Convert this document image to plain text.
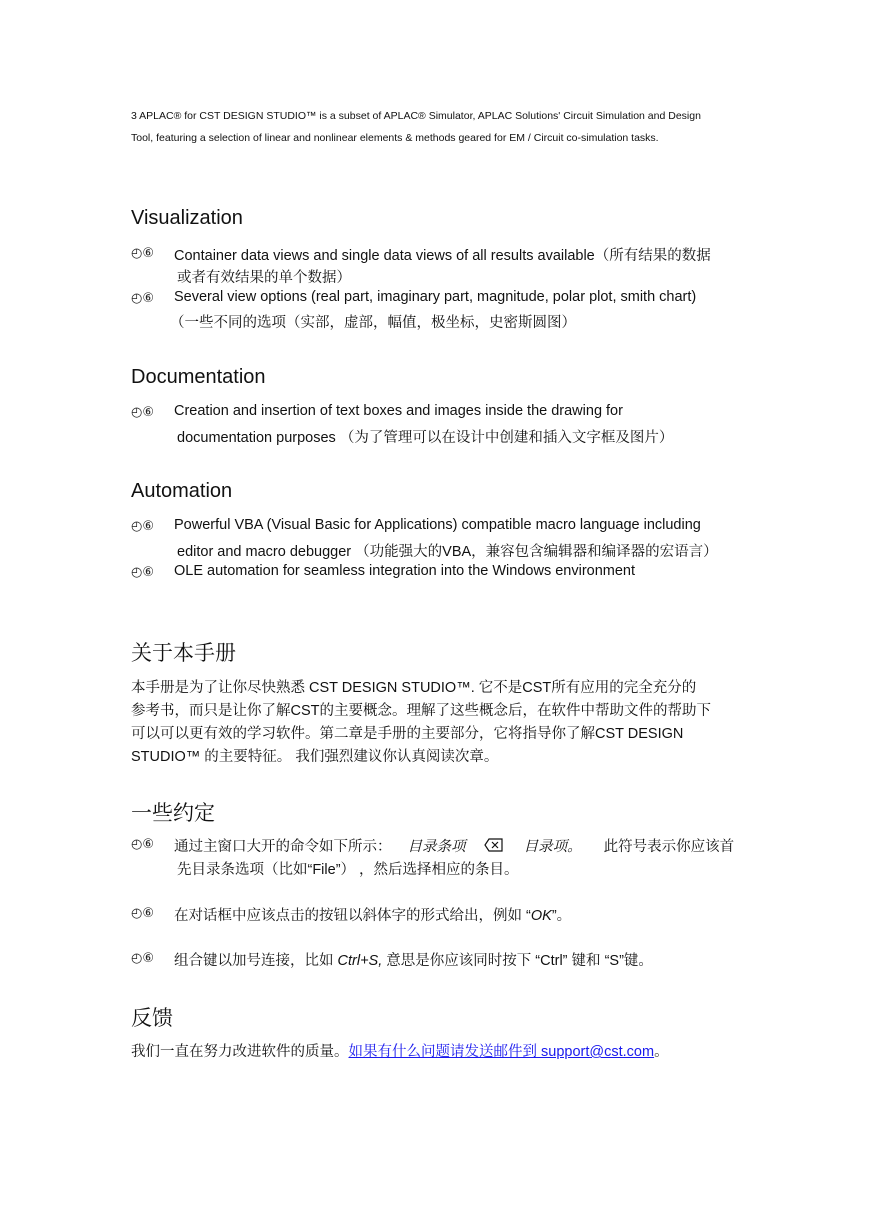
3 APLAC® for CST DESIGN STUDIO™ is a subset of APLAC® Simulator, APLAC Solutions' Circuit Simulation and Design
Tool, featuring a selection of linear and nonlinear elements & methods geared for EM / Circuit co-simulation tasks.
Visualization
◴⑥ Container data views and single data views of all results available（所有结果的数据
或者有效结果的单个数据）
◴⑥ Several view options (real part, imaginary part, magnitude, polar plot, smith chart)
（一些不同的选项（实部，虚部，幅值，极坐标，史密斯圆图）
Documentation
◴⑥ Creation and insertion of text boxes and images inside the drawing for
documentation purposes （为了管理可以在设计中创建和插入文字框及图片）
Automation
◴⑥ Powerful VBA (Visual Basic for Applications) compatible macro language including
editor and macro debugger （功能强大的VBA，兼容包含编辑器和编译器的宏语言）
◴⑥ OLE automation for seamless integration into the Windows environment
关于本手册
本手册是为了让你尽快熟悉 CST DESIGN STUDIO™. 它不是CST所有应用的完全充分的
参考书，而只是让你了解CST的主要概念。理解了这些概念后，在软件中帮助文件的帮助下
可以可以更有效的学习软件。第二章是手册的主要部分，它将指导你了解CST DESIGN
STUDIO™ 的主要特征。 我们强烈建议你认真阅读次章。
一些约定
◴⑥ 通过主窗口大开的命令如下所示： 目录条项	目录项。 此符号表示你应该首
先目录条选项（比如“File”） ，然后选择相应的条目。
◴⑥ 在对话框中应该点击的按钮以斜体字的形式给出，例如 “OK”。
◴⑥ 组合键以加号连接，比如 Ctrl+S, 意思是你应该同时按下 “Ctrl” 键和 “S”键。
反馈
我们一直在努力改进软件的质量。如果有什么问题请发送邮件到 support@cst.com。
